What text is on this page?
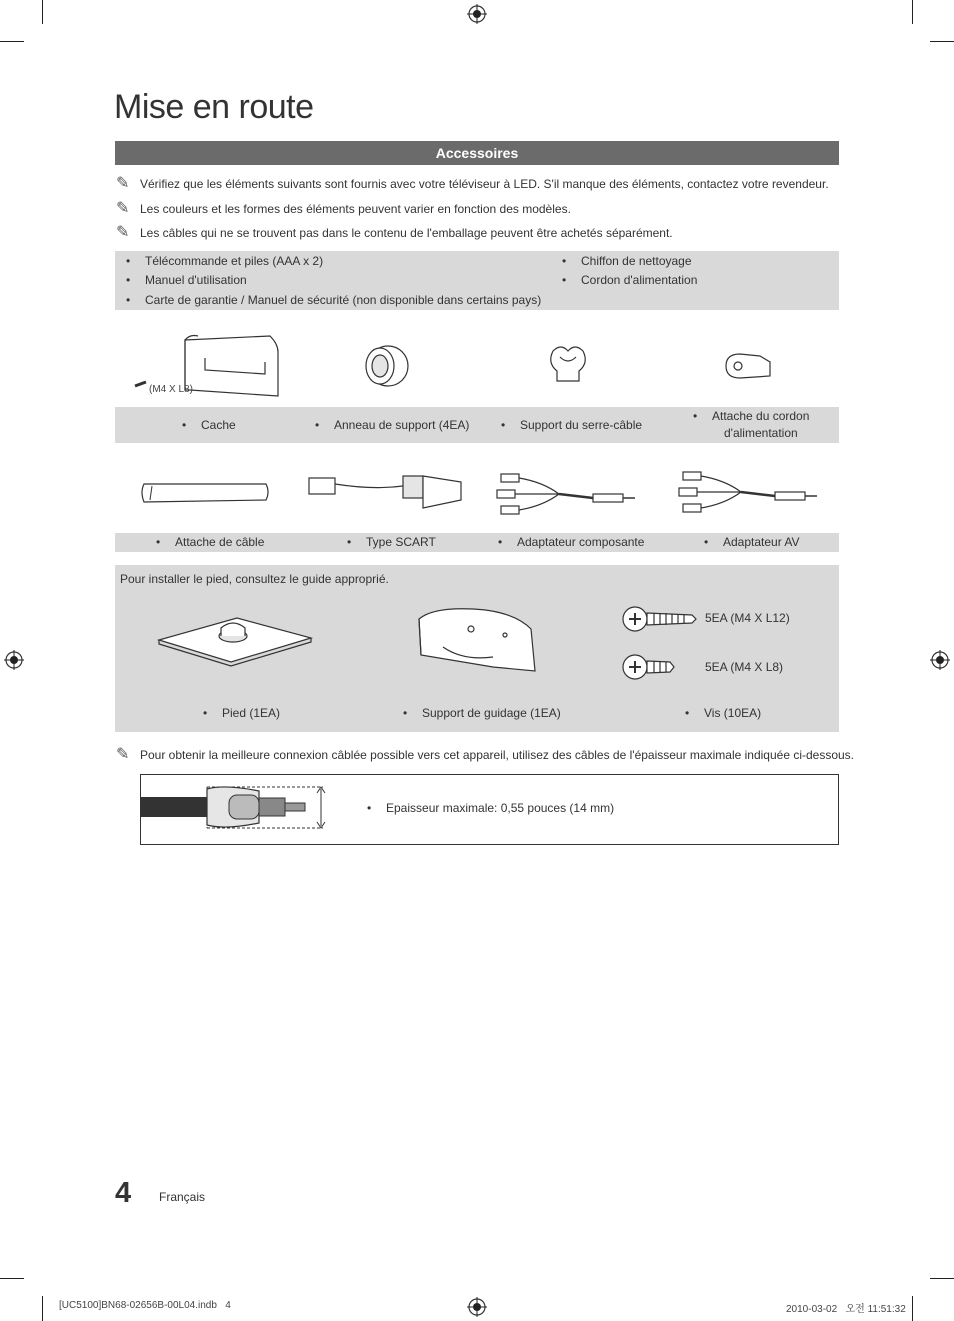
Mise en route
Accessoires
✎ Vérifiez que les éléments suivants sont fournis avec votre téléviseur à LED. S'il manque des éléments, contactez votre revendeur.
✎ Les couleurs et les formes des éléments peuvent varier en fonction des modèles.
✎ Les câbles qui ne se trouvent pas dans le contenu de l'emballage peuvent être achetés séparément.
• Télécommande et piles (AAA x 2)
• Manuel d'utilisation
• Carte de garantie / Manuel de sécurité (non disponible dans certains pays)
• Chiffon de nettoyage
• Cordon d'alimentation
(M4 X L8)
• Cache	• Anneau de support (4EA)	• Support du serre-câble
• Attache du cordon
d'alimentation
• Attache de câble	• Type SCART	• Adaptateur composante	• Adaptateur AV
Pour installer le pied, consultez le guide approprié.
5EA (M4 X L12)
5EA (M4 X L8)
• Pied (1EA)	• Support de guidage (1EA)	• Vis (10EA)
✎ Pour obtenir la meilleure connexion câblée possible vers cet appareil, utilisez des câbles de l'épaisseur maximale indiquée ci-dessous.
• Epaisseur maximale: 0,55 pouces (14 mm)
4 Français
[UC5100]BN68-02656B-00L04.indb   4	2010-03-02   오전 11:51:32
